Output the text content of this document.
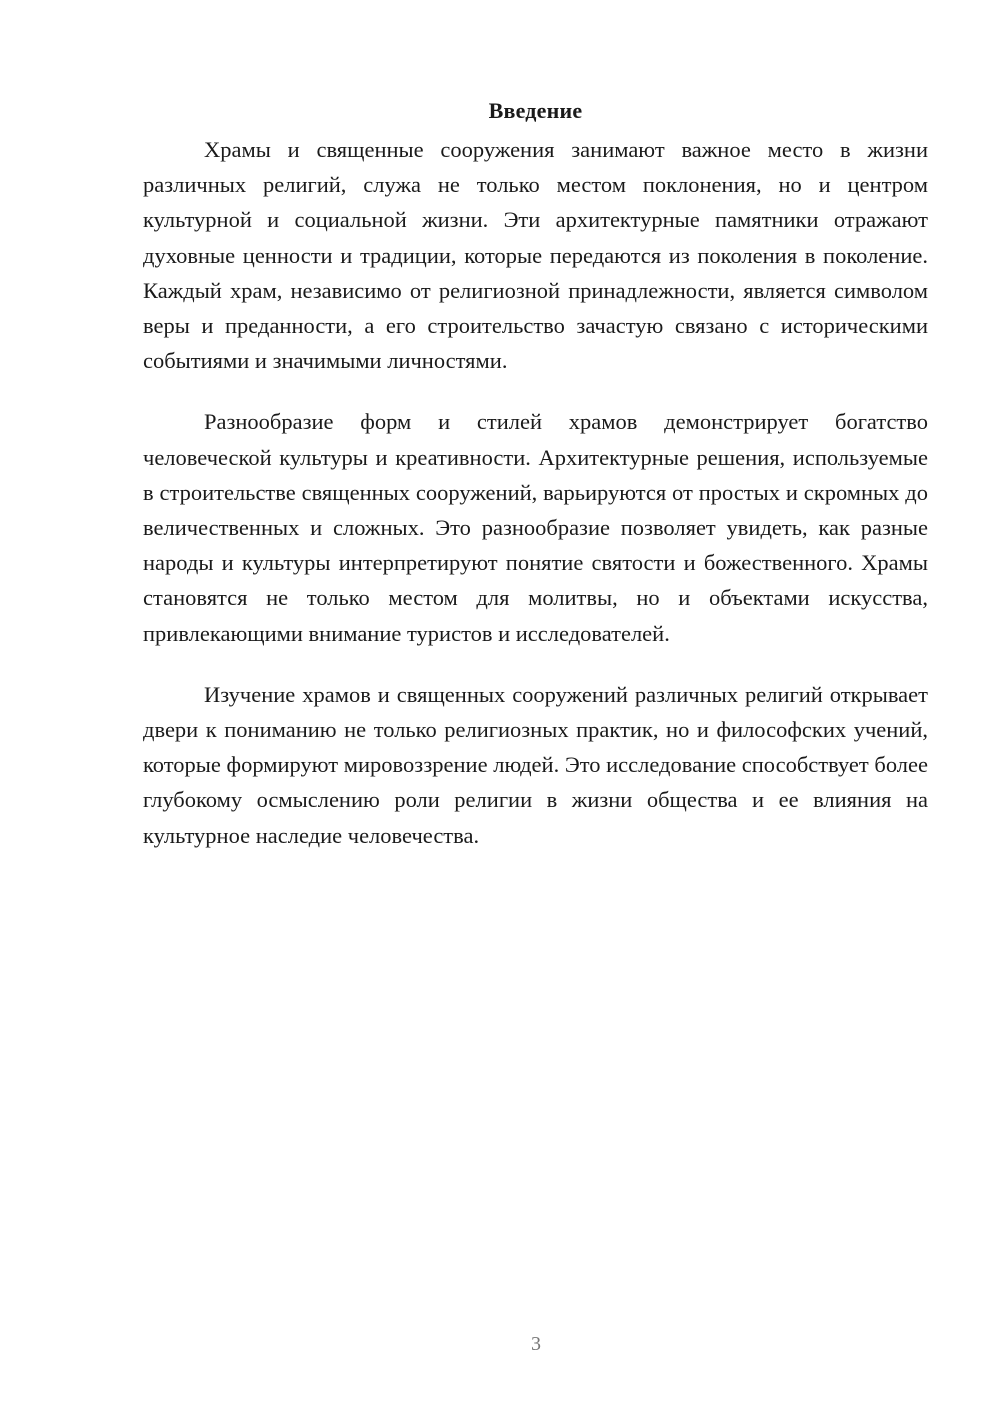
Введение

Храмы и священные сооружения занимают важное место в жизни различных религий, служа не только местом поклонения, но и центром культурной и социальной жизни. Эти архитектурные памятники отражают духовные ценности и традиции, которые передаются из поколения в поколение. Каждый храм, независимо от религиозной принадлежности, является символом веры и преданности, а его строительство зачастую связано с историческими событиями и значимыми личностями.

Разнообразие форм и стилей храмов демонстрирует богатство человеческой культуры и креативности. Архитектурные решения, используемые в строительстве священных сооружений, варьируются от простых и скромных до величественных и сложных. Это разнообразие позволяет увидеть, как разные народы и культуры интерпретируют понятие святости и божественного. Храмы становятся не только местом для молитвы, но и объектами искусства, привлекающими внимание туристов и исследователей.

Изучение храмов и священных сооружений различных религий открывает двери к пониманию не только религиозных практик, но и философских учений, которые формируют мировоззрение людей. Это исследование способствует более глубокому осмыслению роли религии в жизни общества и ее влияния на культурное наследие человечества.

3
